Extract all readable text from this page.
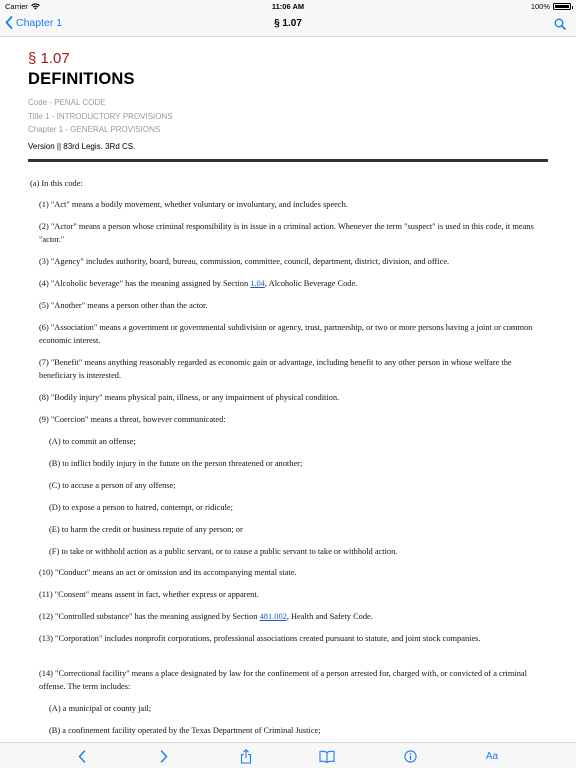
Carrier	11:06 AM	100%
Chapter 1	§ 1.07
§ 1.07
DEFINITIONS
Code - PENAL CODE
Title 1 - INTRODUCTORY PROVISIONS
Chapter 1 - GENERAL PROVISIONS
Version || 83rd Legis. 3Rd CS.
(a) In this code:
(1) "Act" means a bodily movement, whether voluntary or involuntary, and includes speech.
(2) "Actor" means a person whose criminal responsibility is in issue in a criminal action. Whenever the term "suspect" is used in this code, it means "actor."
(3) "Agency" includes authority, board, bureau, commission, committee, council, department, district, division, and office.
(4) "Alcoholic beverage" has the meaning assigned by Section 1.04, Alcoholic Beverage Code.
(5) "Another" means a person other than the actor.
(6) "Association" means a government or governmental subdivision or agency, trust, partnership, or two or more persons having a joint or common economic interest.
(7) "Benefit" means anything reasonably regarded as economic gain or advantage, including benefit to any other person in whose welfare the beneficiary is interested.
(8) "Bodily injury" means physical pain, illness, or any impairment of physical condition.
(9) "Coercion" means a threat, however communicated:
(A) to commit an offense;
(B) to inflict bodily injury in the future on the person threatened or another;
(C) to accuse a person of any offense;
(D) to expose a person to hatred, contempt, or ridicule;
(E) to harm the credit or business repute of any person; or
(F) to take or withhold action as a public servant, or to cause a public servant to take or withhold action.
(10) "Conduct" means an act or omission and its accompanying mental state.
(11) "Consent" means assent in fact, whether express or apparent.
(12) "Controlled substance" has the meaning assigned by Section 481.002, Health and Safety Code.
(13) "Corporation" includes nonprofit corporations, professional associations created pursuant to statute, and joint stock companies.
(14) "Correctional facility" means a place designated by law for the confinement of a person arrested for, charged with, or convicted of a criminal offense. The term includes:
(A) a municipal or county jail;
(B) a confinement facility operated by the Texas Department of Criminal Justice;
Aa
